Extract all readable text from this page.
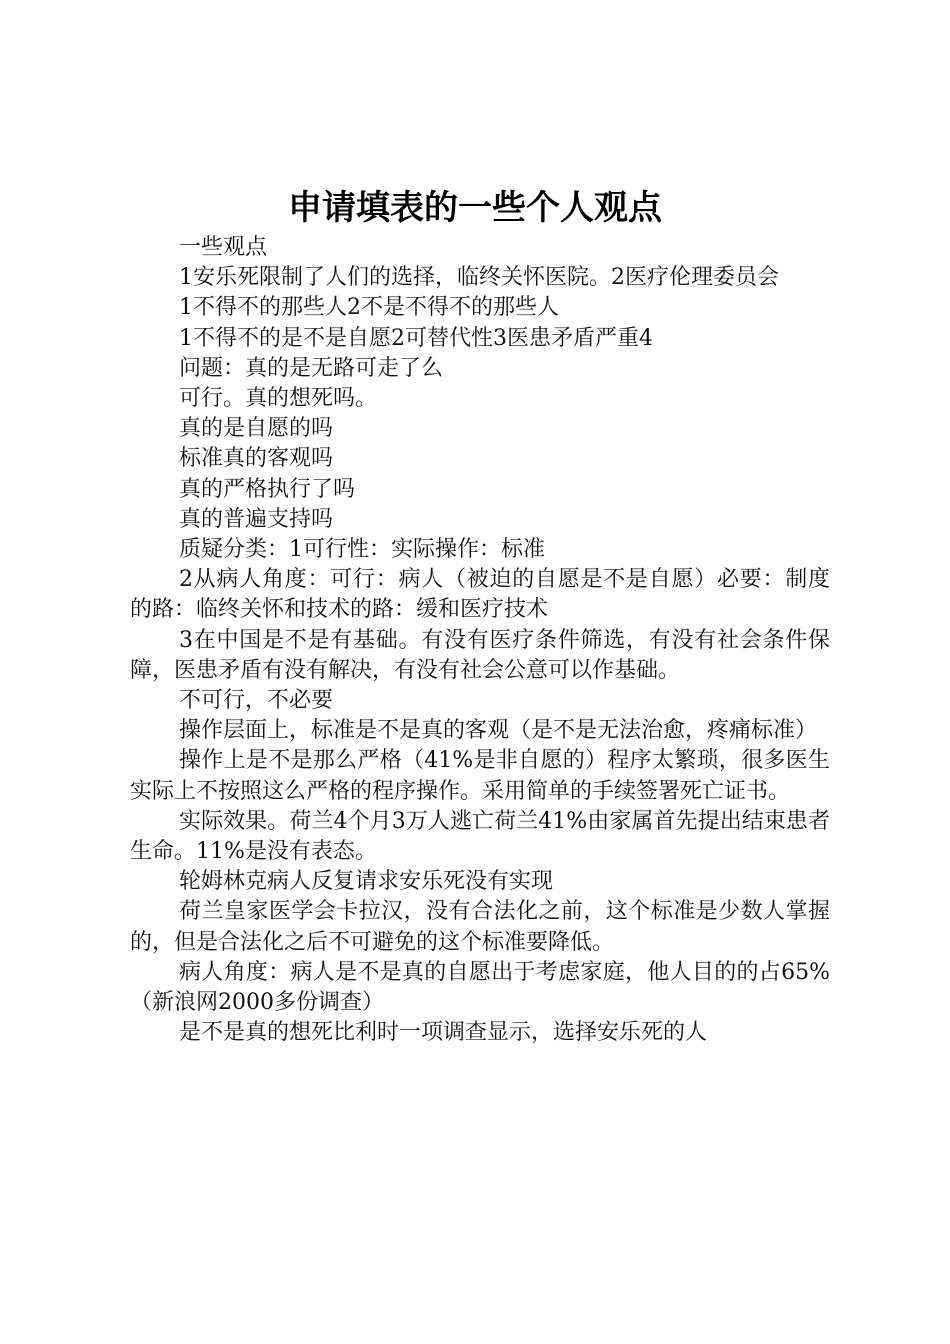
申请填表的一些个人观点

一些观点

1安乐死限制了人们的选择，临终关怀医院。2医疗伦理委员会

1不得不的那些人2不是不得不的那些人

1不得不的是不是自愿2可替代性3医患矛盾严重4

问题：真的是无路可走了么

可行。真的想死吗。

真的是自愿的吗

标准真的客观吗

真的严格执行了吗

真的普遍支持吗

质疑分类：1可行性：实际操作：标准

2从病人角度：可行：病人（被迫的自愿是不是自愿）必要：制度的路：临终关怀和技术的路：缓和医疗技术

3在中国是不是有基础。有没有医疗条件筛选，有没有社会条件保障，医患矛盾有没有解决，有没有社会公意可以作基础。

不可行，不必要

操作层面上，标准是不是真的客观（是不是无法治愈，疼痛标准）

操作上是不是那么严格（41%是非自愿的）程序太繁琐，很多医生实际上不按照这么严格的程序操作。采用简单的手续签署死亡证书。

实际效果。荷兰4个月3万人逃亡荷兰41%由家属首先提出结束患者生命。11%是没有表态。

轮姆林克病人反复请求安乐死没有实现

荷兰皇家医学会卡拉汉，没有合法化之前，这个标准是少数人掌握的，但是合法化之后不可避免的这个标准要降低。

病人角度：病人是不是真的自愿出于考虑家庭，他人目的的占65%（新浪网2000多份调查）

是不是真的想死比利时一项调查显示，选择安乐死的人
